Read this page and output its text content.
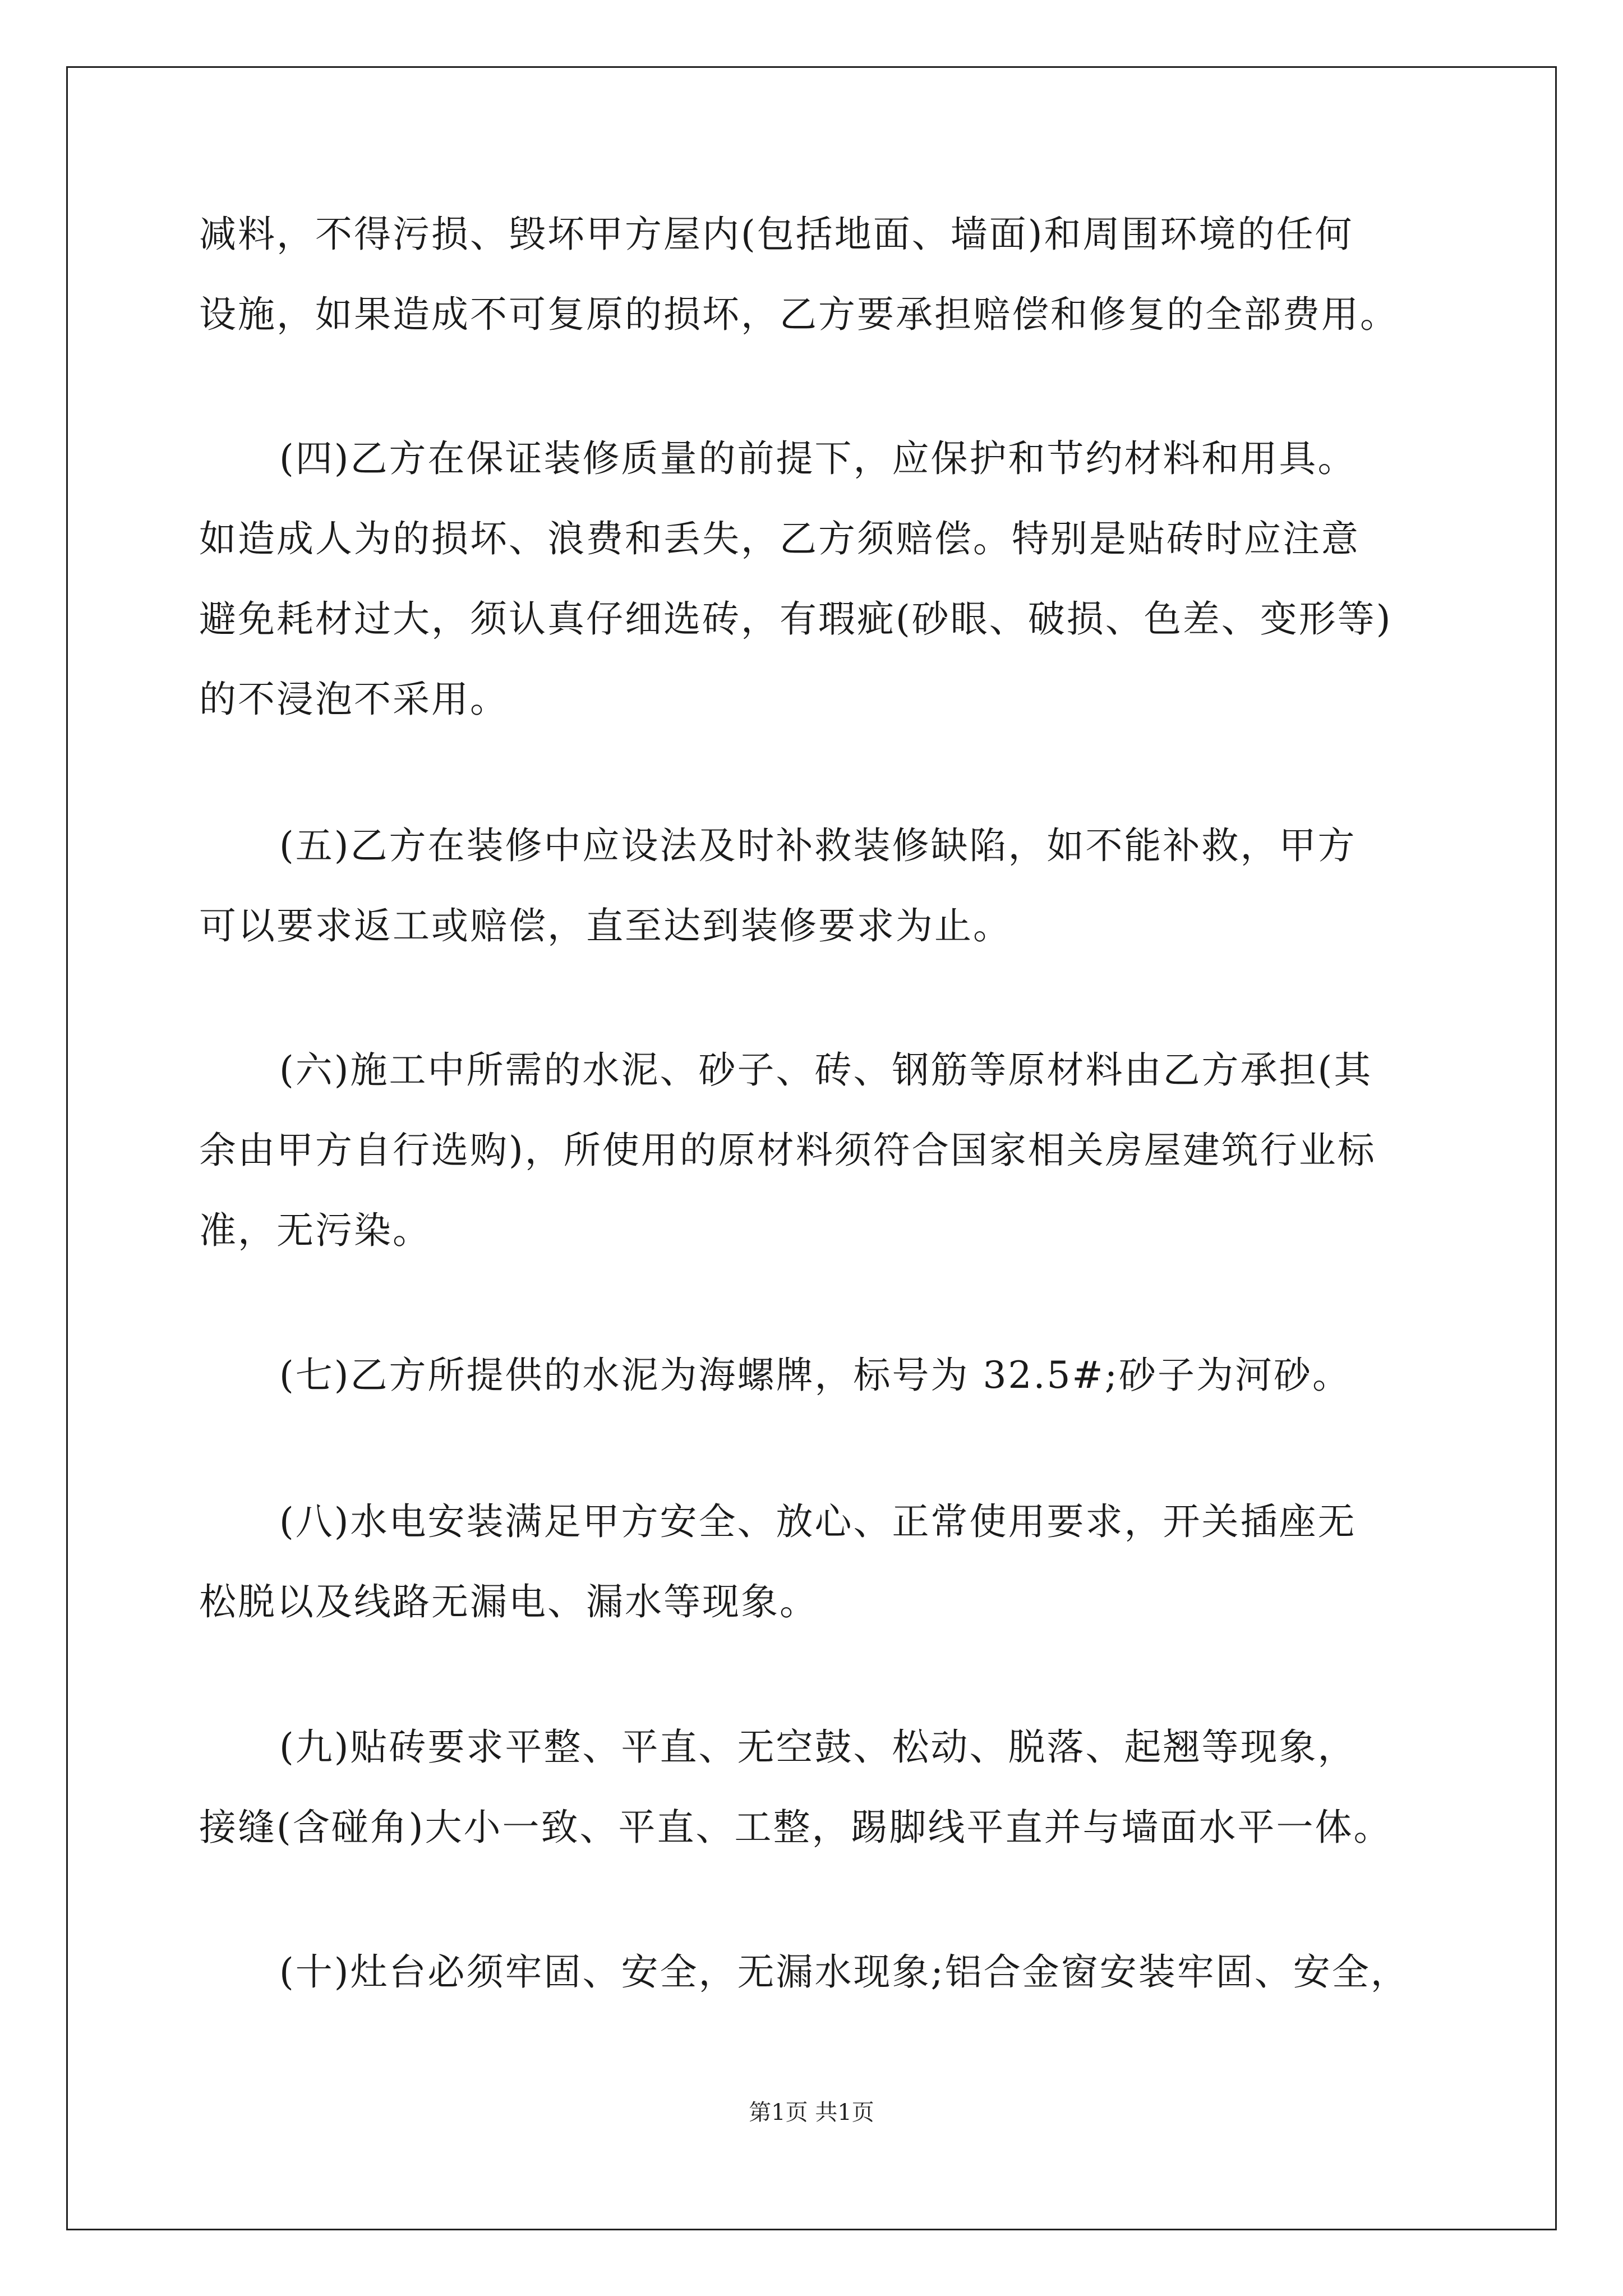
减料，不得污损、毁坏甲方屋内(包括地面、墙面)和周围环境的任何

设施，如果造成不可复原的损坏，乙方要承担赔偿和修复的全部费用。

(四)乙方在保证装修质量的前提下，应保护和节约材料和用具。

如造成人为的损坏、浪费和丢失，乙方须赔偿。特别是贴砖时应注意

避免耗材过大，须认真仔细选砖，有瑕疵(砂眼、破损、色差、变形等)

的不浸泡不采用。

(五)乙方在装修中应设法及时补救装修缺陷，如不能补救，甲方

可以要求返工或赔偿，直至达到装修要求为止。

(六)施工中所需的水泥、砂子、砖、钢筋等原材料由乙方承担(其

余由甲方自行选购)，所使用的原材料须符合国家相关房屋建筑行业标

准，无污染。

(七)乙方所提供的水泥为海螺牌，标号为 32.5#;砂子为河砂。

(八)水电安装满足甲方安全、放心、正常使用要求，开关插座无

松脱以及线路无漏电、漏水等现象。

(九)贴砖要求平整、平直、无空鼓、松动、脱落、起翘等现象，

接缝(含碰角)大小一致、平直、工整，踢脚线平直并与墙面水平一体。

(十)灶台必须牢固、安全，无漏水现象;铝合金窗安装牢固、安全，

第1页 共1页
